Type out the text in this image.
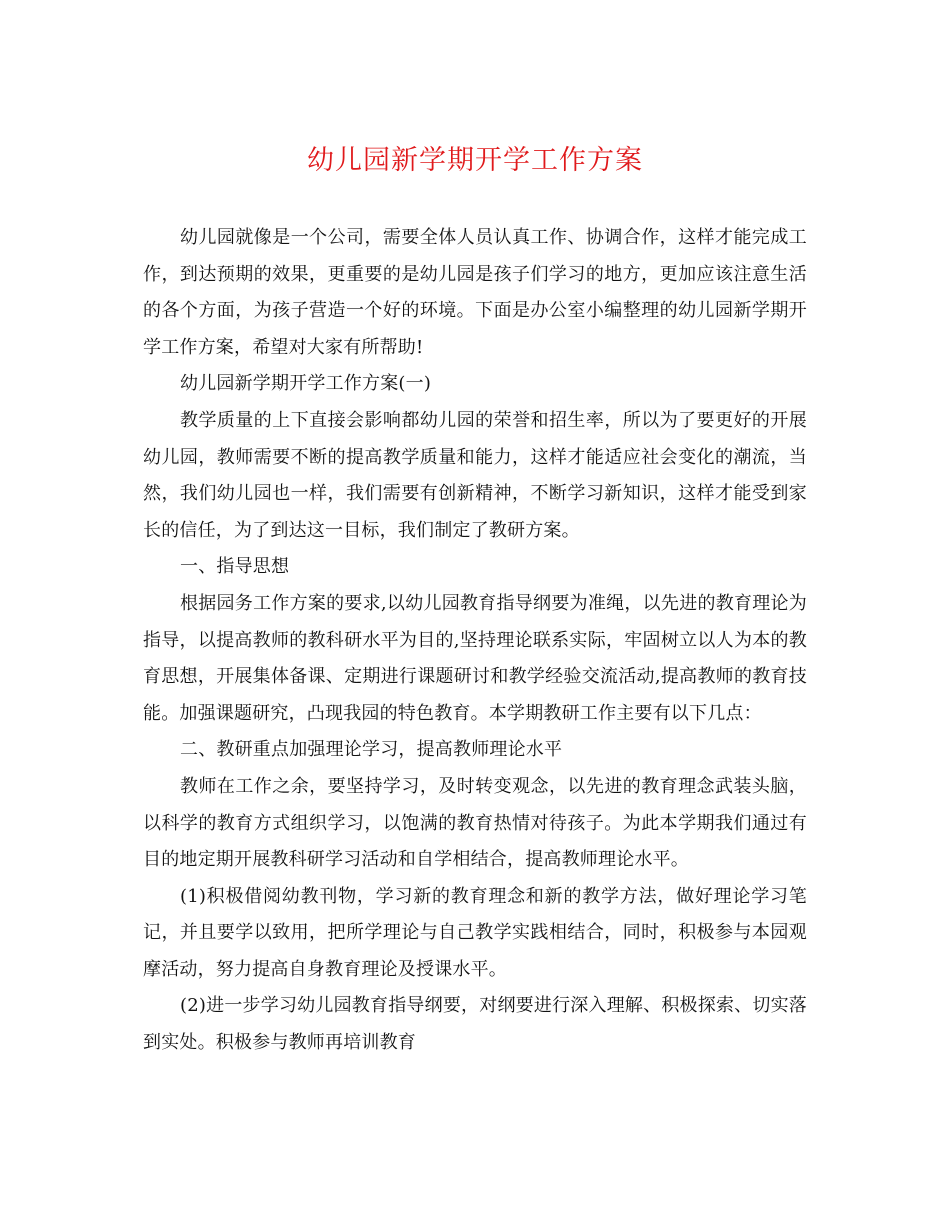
幼儿园新学期开学工作方案

幼儿园就像是一个公司，需要全体人员认真工作、协调合作，这样才能完成工作，到达预期的效果，更重要的是幼儿园是孩子们学习的地方，更加应该注意生活的各个方面，为孩子营造一个好的环境。下面是办公室小编整理的幼儿园新学期开学工作方案，希望对大家有所帮助!

幼儿园新学期开学工作方案(一)

教学质量的上下直接会影响都幼儿园的荣誉和招生率，所以为了要更好的开展幼儿园，教师需要不断的提高教学质量和能力，这样才能适应社会变化的潮流，当然，我们幼儿园也一样，我们需要有创新精神，不断学习新知识，这样才能受到家长的信任，为了到达这一目标，我们制定了教研方案。

一、指导思想

根据园务工作方案的要求,以幼儿园教育指导纲要为准绳，以先进的教育理论为指导，以提高教师的教科研水平为目的,坚持理论联系实际，牢固树立以人为本的教育思想，开展集体备课、定期进行课题研讨和教学经验交流活动,提高教师的教育技能。加强课题研究，凸现我园的特色教育。本学期教研工作主要有以下几点：

二、教研重点加强理论学习，提高教师理论水平

教师在工作之余，要坚持学习，及时转变观念，以先进的教育理念武装头脑，以科学的教育方式组织学习，以饱满的教育热情对待孩子。为此本学期我们通过有目的地定期开展教科研学习活动和自学相结合，提高教师理论水平。

(1)积极借阅幼教刊物，学习新的教育理念和新的教学方法，做好理论学习笔记，并且要学以致用，把所学理论与自己教学实践相结合，同时，积极参与本园观摩活动，努力提高自身教育理论及授课水平。

(2)进一步学习幼儿园教育指导纲要，对纲要进行深入理解、积极探索、切实落到实处。积极参与教师再培训教育
